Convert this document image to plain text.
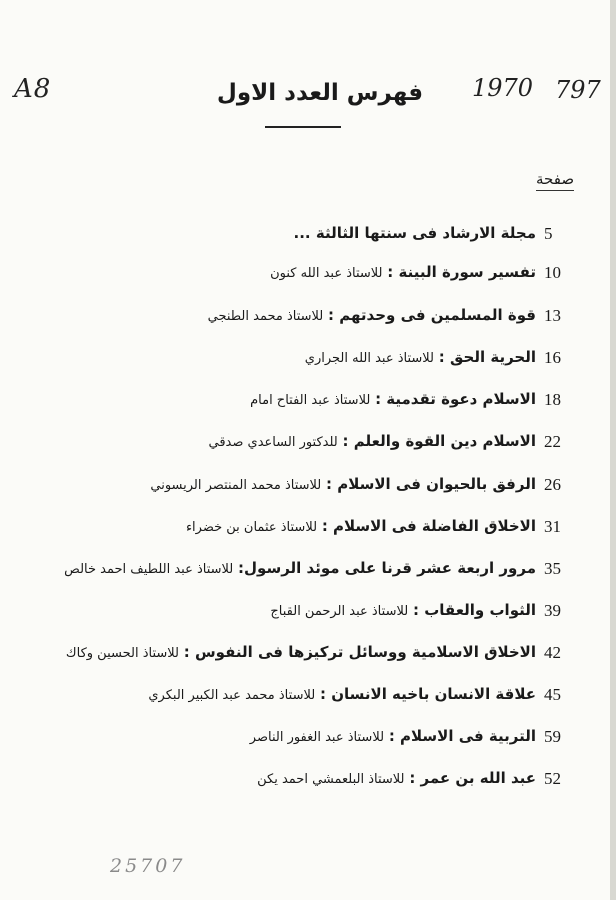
A8	1970 797
فهرس العدد الاول
صفحة
5
مجلة الارشاد فى سنتها الثالثة ...
10
تفسير سورة البينة : للاستاذ عبد الله كنون
13
قوة المسلمين فى وحدتهم : للاستاذ محمد الطنجي
16
الحرية الحق : للاستاذ عبد الله الجراري
18
الاسلام دعوة تقدمية : للاستاذ عبد الفتاح امام
22
الاسلام دين القوة والعلم : للدكتور الساعدي صدقي
26
الرفق بالحيوان فى الاسلام : للاستاذ محمد المنتصر الريسوني
31
الاخلاق الفاضلة فى الاسلام : للاستاذ عثمان بن خضراء
35
مرور اربعة عشر قرنا على موئد الرسول: للاستاذ عبد اللطيف احمد خالص
39
الثواب والعقاب : للاستاذ عبد الرحمن القباج
42
الاخلاق الاسلامية ووسائل تركيزها فى النفوس : للاستاذ الحسين وكاك
45
علاقة الانسان باخيه الانسان : للاستاذ محمد عبد الكبير البكري
59
التربية فى الاسلام : للاستاذ عبد الغفور الناصر
52
عبد الله بن عمر : للاستاذ البلعمشي احمد يكن
25707
